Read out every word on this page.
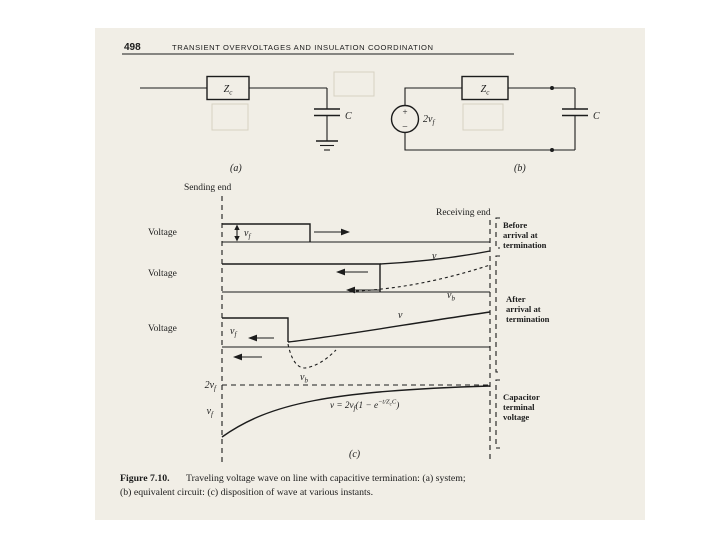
498	TRANSIENT OVERVOLTAGES AND INSULATION COORDINATION
$Z_c$
C
(a)
+
−
$2v_f$
$Z_c$
C
(b)
Sending end
Receiving end
Voltage	$v_f$
Voltage
v
$v_b$
Voltage	$v_f$
v
$v_b$
$2v_f$
$v_f$
$v = 2v_f(1 - e^{-t/Z}cC)$
(c)
Before
arrival at
termination
After
arrival at
termination
Capacitor
terminal
voltage
Figure 7.10. Traveling voltage wave on line with capacitive termination: (a) system;
(b) equivalent circuit: (c) disposition of wave at various instants.
